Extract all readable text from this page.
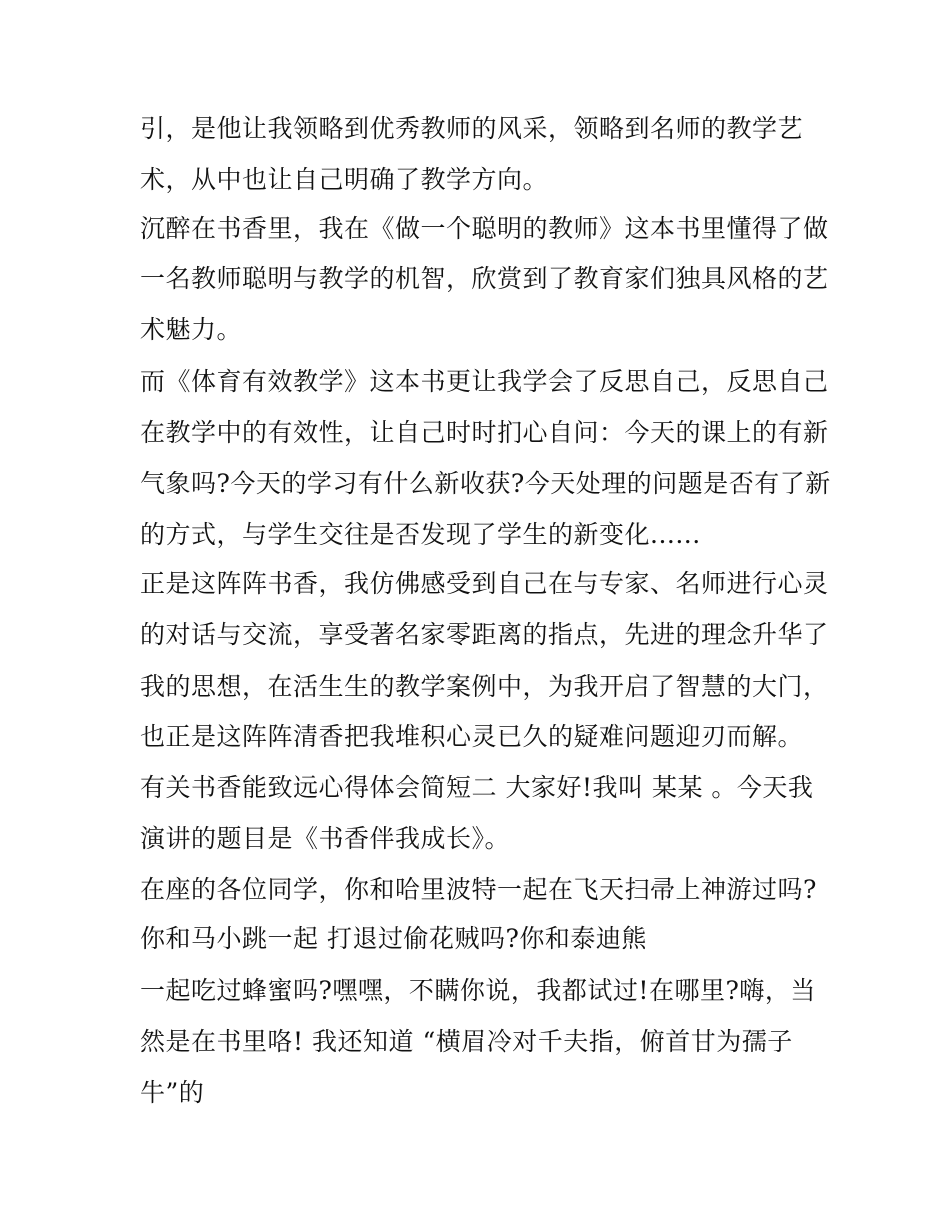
引，是他让我领略到优秀教师的风采，领略到名师的教学艺
术，从中也让自己明确了教学方向。
沉醉在书香里，我在《做一个聪明的教师》这本书里懂得了做
一名教师聪明与教学的机智，欣赏到了教育家们独具风格的艺
术魅力。
而《体育有效教学》这本书更让我学会了反思自己，反思自己
在教学中的有效性，让自己时时扪心自问：今天的课上的有新
气象吗?今天的学习有什么新收获?今天处理的问题是否有了新
的方式，与学生交往是否发现了学生的新变化......
正是这阵阵书香，我仿佛感受到自己在与专家、名师进行心灵
的对话与交流，享受著名家零距离的指点，先进的理念升华了
我的思想，在活生生的教学案例中，为我开启了智慧的大门，
也正是这阵阵清香把我堆积心灵已久的疑难问题迎刃而解。
有关书香能致远心得体会简短二 大家好!我叫 某某 。今天我
演讲的题目是《书香伴我成长》。
在座的各位同学，你和哈里波特一起在飞天扫帚上神游过吗?
你和马小跳一起 打退过偷花贼吗?你和泰迪熊
一起吃过蜂蜜吗?嘿嘿，不瞒你说，我都试过!在哪里?嗨，当
然是在书里咯! 我还知道 “横眉冷对千夫指，俯首甘为孺子
牛”的
